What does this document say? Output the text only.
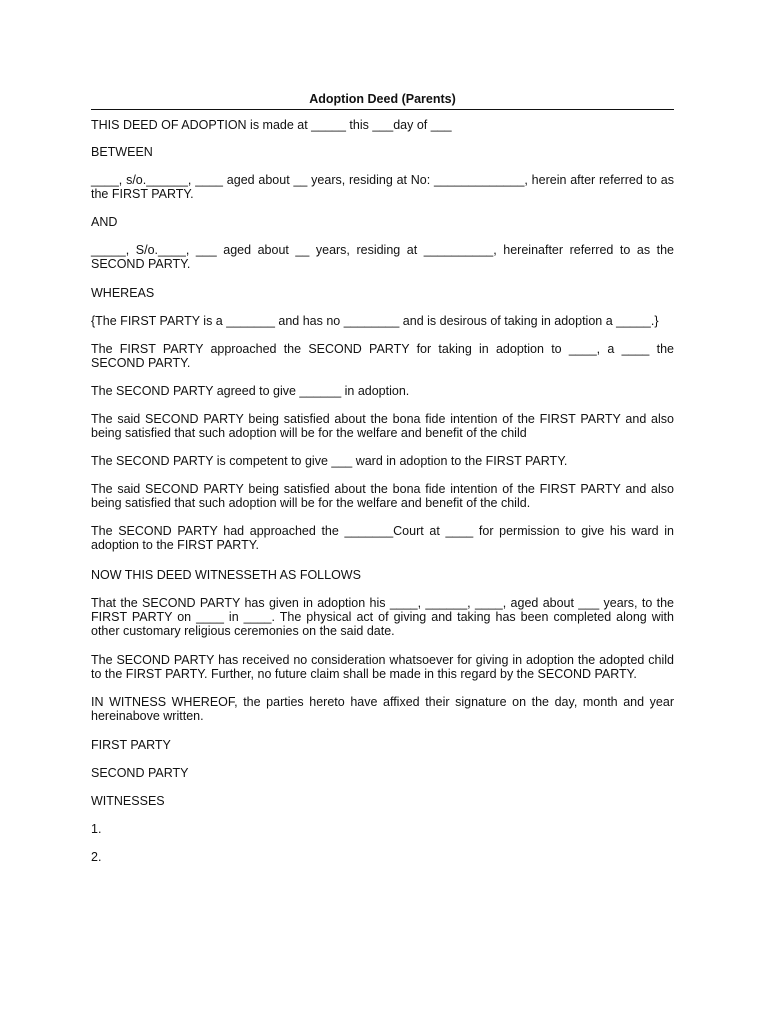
Adoption Deed (Parents)

THIS DEED OF ADOPTION is made at _____ this ___day of ___

BETWEEN

____, s/o.______, ____ aged about __ years, residing at No: _____________, herein after referred to as the FIRST PARTY.

AND

_____, S/o.____, ___ aged about __ years, residing at __________, hereinafter referred to as the SECOND PARTY.

WHEREAS

{The FIRST PARTY is a _______ and has no ________ and is desirous of taking in adoption a _____.}

The FIRST PARTY approached the SECOND PARTY for taking in adoption to ____, a ____ the SECOND PARTY.

The SECOND PARTY agreed to give ______ in adoption.

The said SECOND PARTY being satisfied about the bona fide intention of the FIRST PARTY and also being satisfied that such adoption will be for the welfare and benefit of the child

The SECOND PARTY is competent to give ___ ward in adoption to the FIRST PARTY.

The said SECOND PARTY being satisfied about the bona fide intention of the FIRST PARTY and also being satisfied that such adoption will be for the welfare and benefit of the child.

The SECOND PARTY had approached the _______Court at ____ for permission to give his ward in adoption to the FIRST PARTY.

NOW THIS DEED WITNESSETH AS FOLLOWS

That the SECOND PARTY has given in adoption his ____, ______, ____, aged about ___ years, to the FIRST PARTY on ____ in ____. The physical act of giving and taking has been completed along with other customary religious ceremonies on the said date.

The SECOND PARTY has received no consideration whatsoever for giving in adoption the adopted child to the FIRST PARTY. Further, no future claim shall be made in this regard by the SECOND PARTY.

IN WITNESS WHEREOF, the parties hereto have affixed their signature on the day, month and year hereinabove written.

FIRST PARTY

SECOND PARTY

WITNESSES

1.

2.
